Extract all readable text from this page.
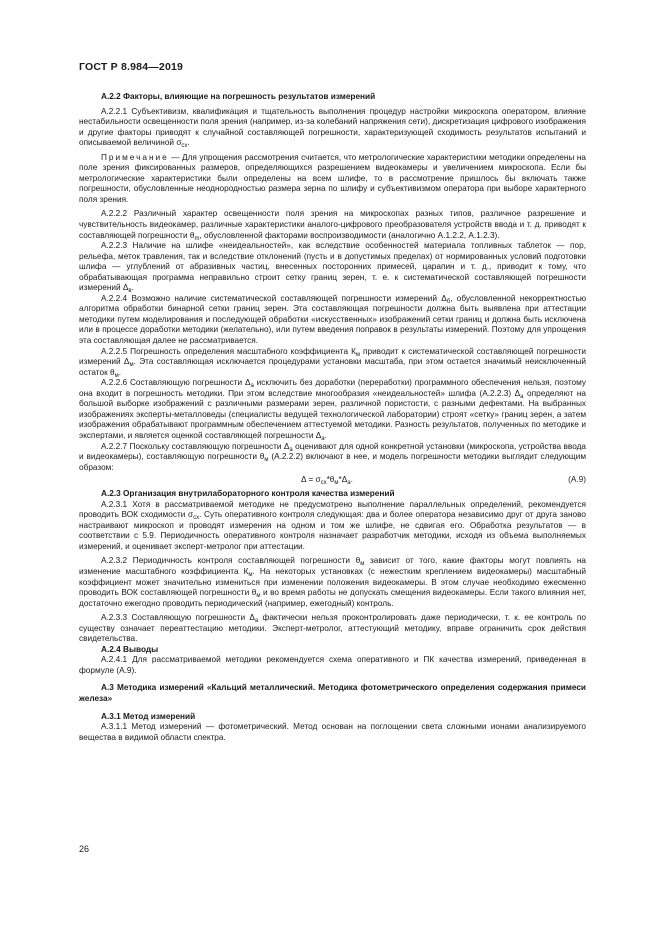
ГОСТ Р 8.984—2019

А.2.2 Факторы, влияющие на погрешность результатов измерений

А.2.2.1 Субъективизм, квалификация и тщательность выполнения процедур настройки микроскопа оператором, влияние нестабильности освещенности поля зрения (например, из-за колебаний напряжения сети), дискретизация цифрового изображения и другие факторы приводят к случайной составляющей погрешности, характеризующей сходимость результатов испытаний и описываемой величиной $\sigma_{сх}$.

Примечание — Для упрощения рассмотрения считается, что метрологические характеристики методики определены на поле зрения фиксированных размеров, определяющихся разрешением видеокамеры и увеличением микроскопа. Если бы метрологические характеристики были определены на всем шлифе, то в рассмотрение пришлось бы включать также погрешности, обусловленные неоднородностью размера зерна по шлифу и субъективизмом оператора при выборе характерного поля зрения.

А.2.2.2 Различный характер освещенности поля зрения на микроскопах разных типов, различное разрешение и чувствительность видеокамер, различные характеристики аналого-цифрового преобразователя устройств ввода и т. д. приводят к составляющей погрешности $\theta_m$, обусловленной факторами воспроизводимости (аналогично А.1.2.2, А.1.2.3).

А.2.2.3 Наличие на шлифе «неидеальностей», как вследствие особенностей материала топливных таблеток — пор, рельефа, меток травления, так и вследствие отклонений (пусть и в допустимых пределах) от нормированных условий подготовки шлифа — углублений от абразивных частиц, внесенных посторонних примесей, царапин и т. д., приводит к тому, что обрабатывающая программа неправильно строит сетку границ зерен, т. е. к систематической составляющей погрешности измерений $\Delta_в$.

А.2.2.4 Возможно наличие систематической составляющей погрешности измерений $\Delta_б$, обусловленной некорректностью алгоритма обработки бинарной сетки границ зерен. Эта составляющая погрешности должна быть выявлена при аттестации методики путем моделирования и последующей обработки «искусственных» изображений сетки границ и должна быть исключена или в процессе доработки методики (желательно), или путем введения поправок в результаты измерений. Поэтому для упрощения эта составляющая далее не рассматривается.

А.2.2.5 Погрешность определения масштабного коэффициента $К_м$ приводит к систематической составляющей погрешности измерений $\Delta_м$. Эта составляющая исключается процедурами установки масштаба, при этом остается значимый неисключенный остаток $\theta_м$.

А.2.2.6 Составляющую погрешности $\Delta_а$ исключить без доработки (переработки) программного обеспечения нельзя, поэтому она входит в погрешность методики. При этом вследствие многообразия «неидеальностей» шлифа (А.2.2.3) $\Delta_а$ определяют на большой выборке изображений с различными размерами зерен, различной пористости, с разными дефектами. На выбранных изображениях эксперты-металловеды (специалисты ведущей технологической лаборатории) строят «сетку» границ зерен, а затем изображения обрабатывают программным обеспечением аттестуемой методики. Разность результатов, полученных по методике и экспертами, и является оценкой составляющей погрешности $\Delta_а$.

А.2.2.7 Поскольку составляющую погрешности $\Delta_а$ оценивают для одной конкретной установки (микроскопа, устройства ввода и видеокамеры), составляющую погрешности $\theta_м$ (А.2.2.2) включают в нее, и модель погрешности методики выглядит следующим образом:

$\Delta = \sigma_{сх}*\theta_м*\Delta_а$.	(А.9)

А.2.3 Организация внутрилабораторного контроля качества измерений

А.2.3.1 Хотя в рассматриваемой методике не предусмотрено выполнение параллельных определений, рекомендуется проводить ВОК сходимости $\sigma_{сх}$. Суть оперативного контроля следующая: два и более оператора независимо друг от друга заново настраивают микроскоп и проводят измерения на одном и том же шлифе, не сдвигая его. Обработка результатов — в соответствии с 5.9. Периодичность оперативного контроля назначает разработчик методики, исходя из объема выполняемых измерений, и оценивает эксперт-метролог при аттестации.

А.2.3.2 Периодичность контроля составляющей погрешности $\theta_м$ зависит от того, какие факторы могут повлиять на изменение масштабного коэффициента $К_м$. На некоторых установках (с нежестким креплением видеокамеры) масштабный коэффициент может значительно измениться при изменении положения видеокамеры. В этом случае необходимо ежесменно проводить ВОК составляющей погрешности $\theta_м$ и во время работы не допускать смещения видеокамеры. Если такого влияния нет, достаточно ежегодно проводить периодический (например, ежегодный) контроль.

А.2.3.3 Составляющую погрешности $\Delta_а$ фактически нельзя проконтролировать даже периодически, т. к. ее контроль по существу означает переаттестацию методики. Эксперт-метролог, аттестующий методику, вправе ограничить срок действия свидетельства.

А.2.4 Выводы

А.2.4.1 Для рассматриваемой методики рекомендуется схема оперативного и ПК качества измерений, приведенная в формуле (А.9).

А.3 Методика измерений «Кальций металлический. Методика фотометрического определения содержания примеси железа»

А.3.1 Метод измерений

А.3.1.1 Метод измерений — фотометрический. Метод основан на поглощении света сложными ионами анализируемого вещества в видимой области спектра.

26
